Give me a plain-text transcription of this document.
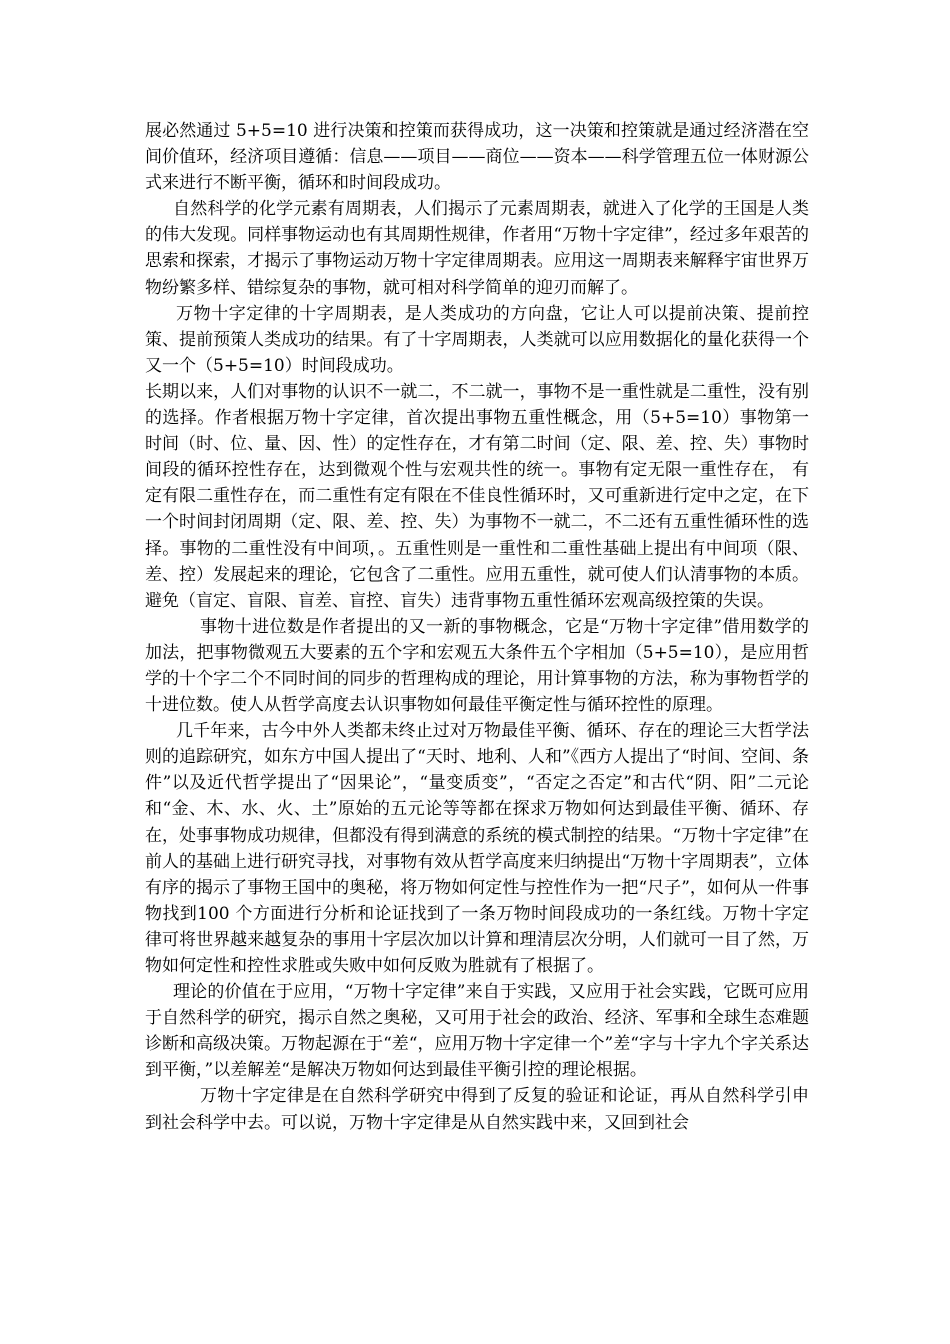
展必然通过 5+5=10 进行决策和控策而获得成功，这一决策和控策就是通过经济潜在空间价值环，经济项目遵循：信息——项目——商位——资本——科学管理五位一体财源公式来进行不断平衡，循环和时间段成功。

自然科学的化学元素有周期表，人们揭示了元素周期表，就进入了化学的王国是人类的伟大发现。同样事物运动也有其周期性规律，作者用“万物十字定律”，经过多年艰苦的思索和探索，才揭示了事物运动万物十字定律周期表。应用这一周期表来解释宇宙世界万物纷繁多样、错综复杂的事物，就可相对科学简单的迎刃而解了。

万物十字定律的十字周期表，是人类成功的方向盘，它让人可以提前决策、提前控策、提前预策人类成功的结果。有了十字周期表，人类就可以应用数据化的量化获得一个又一个（5+5=10）时间段成功。

长期以来，人们对事物的认识不一就二，不二就一，事物不是一重性就是二重性，没有别的选择。作者根据万物十字定律，首次提出事物五重性概念，用（5+5=10）事物第一时间（时、位、量、因、性）的定性存在，才有第二时间（定、限、差、控、失）事物时间段的循环控性存在，达到微观个性与宏观共性的统一。事物有定无限一重性存在， 有定有限二重性存在，而二重性有定有限在不佳良性循环时，又可重新进行定中之定，在下一个时间封闭周期（定、限、差、控、失）为事物不一就二，不二还有五重性循环性的选择。事物的二重性没有中间项，。五重性则是一重性和二重性基础上提出有中间项（限、差、控）发展起来的理论，它包含了二重性。应用五重性，就可使人们认清事物的本质。避免（盲定、盲限、盲差、盲控、盲失）违背事物五重性循环宏观高级控策的失误。

事物十进位数是作者提出的又一新的事物概念，它是“万物十字定律”借用数学的加法，把事物微观五大要素的五个字和宏观五大条件五个字相加（5+5=10），是应用哲学的十个字二个不同时间的同步的哲理构成的理论，用计算事物的方法，称为事物哲学的十进位数。使人从哲学高度去认识事物如何最佳平衡定性与循环控性的原理。

几千年来，古今中外人类都未终止过对万物最佳平衡、循环、存在的理论三大哲学法则的追踪研究，如东方中国人提出了“天时、地利、人和”《西方人提出了“时间、空间、条件”以及近代哲学提出了“因果论”，“量变质变”，“否定之否定”和古代“阴、阳”二元论和“金、木、水、火、土”原始的五元论等等都在探求万物如何达到最佳平衡、循环、存在，处事事物成功规律，但都没有得到满意的系统的模式制控的结果。“万物十字定律”在前人的基础上进行研究寻找，对事物有效从哲学高度来归纳提出“万物十字周期表”，立体有序的揭示了事物王国中的奥秘，将万物如何定性与控性作为一把“尺子”，如何从一件事物找到100 个方面进行分析和论证找到了一条万物时间段成功的一条红线。万物十字定律可将世界越来越复杂的事用十字层次加以计算和理清层次分明，人们就可一目了然，万物如何定性和控性求胜或失败中如何反败为胜就有了根据了。

理论的价值在于应用，“万物十字定律”来自于实践，又应用于社会实践，它既可应用于自然科学的研究，揭示自然之奥秘，又可用于社会的政治、经济、军事和全球生态难题诊断和高级决策。万物起源在于“差“，应用万物十字定律一个”差“字与十字九个字关系达到平衡，”以差解差“是解决万物如何达到最佳平衡引控的理论根据。

万物十字定律是在自然科学研究中得到了反复的验证和论证，再从自然科学引申到社会科学中去。可以说，万物十字定律是从自然实践中来，又回到社会
